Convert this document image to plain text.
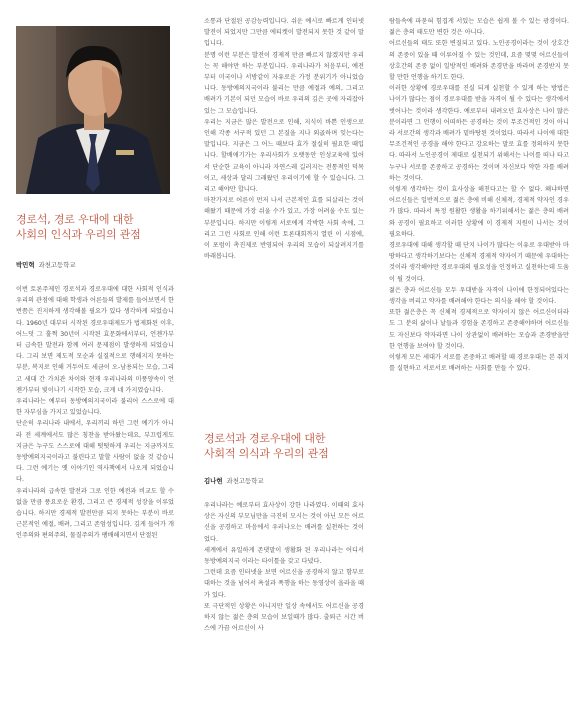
경로석, 경로 우대에 대한
사회의 인식과 우리의 관점
박민혁 과천고등학교

이번 토론주제인 경로석과 경로우대에 대한 사회적 인식과 우리의 관점에 대해 학생과 어른들의 발제를 들어보면서 한 번쯤은 진지하게 생각해볼 필요가 있다 생각하게 되었습니다. 1960년 대부터 시작된 경로우대제도가 법제화된 이후, 어느덧 그 훌쩍 30년이 시작된 효문화에서부터, 언젠가부터 급속한 발전과 함께 여러 문제점이 발생하게 되었습니다. 그리 보면 제도적 모순과 실질적으로 행해지지 못하는 부분, 복지로 인해 거두어도 세금이 오-남용되는 모습, 그리고 세대 간 가치관 차이와 현재 우리나라의 미풍양속이 언젠가부터 빛이나기 시작한 모습, 크게 네 가지였습니다.

우리나라는 예부터 동방예의지국이라 불리어 스스로에 대한 자부심을 가지고 있었습니다.

단순히 우리나라 내에서, 우리끼리 하던 그런 예기가 아니라 전 세계에서도 많은 칭찬을 받아왔는데요, 부끄럽게도 지금은 누구도 스스로에 대해 떳떳하게 우리는 지금까지도 동방예의지국이라고 불린다고 말할 사람이 없을 것 같습니다. 그런 예기는 옛 이야기인 역사책에서 나오게 되었습니다.

우리나라의 급속한 발전과 그로 인한 예전과 비교도 할 수 없을 만큼 풍요로운 환경, 그리고 큰 경제적 성장을 이루었습니다. 하지만 경제적 발전만큼 되지 못하는 부분이 바로 근본적인 예절, 배려, 그리고 존엄성입니다. 깊게 들어가 개인주의와 편의주의, 물질주의가 팽배해지면서 단절된

소통과 단절된 공감능력입니다. 쉬운 예시로 빠르게 인터넷 발전이 되었지만 그만큼 에티켓이 발전되지 못한 것 같이 말입니다.

분명 이런 부분은 발전이 경제적 만큼 빠르지 않겠지만 우리는 꼭 해야만 하는 부분입니다. 우리나라가 처음부터, 예전부터 미국이나 서방같이 자유로운 가정 분위기가 아니었습니다. 동방예의지국이라 불리는 만큼 예절과 예의, 그리고 배려가 기본이 되던 모습이 바로 우리의 깊은 곳에 자리잡아 있는 그 모습입니다.

우리는 지금은 많은 발전으로 인해, 지식이 바쁜 인생으로 인해 각종 서구적 있던 그 본질을 지나 외곬하며 잊는다는 말입니다. 지금은 그 어느 때보다 효가 절실히 필요한 때입니다. 할배애기가는 우리사회가 오랫동안 인성교육에 있어서 단순한 교육이 아니라 자연스레 길러지는 전통적인 덕목이고, 세상과 달리 그래왔던 우리이기에 할 수 있습니다. 그리고 해야만 합니다.

마찬가지로 어른이 먼저 나서 근본적인 효를 되살리는 것이 해왔기 때문에 가장 쉬울 수가 있고, 가장 어려울 수도 있는 부분입니다. 하지만 이렇게 서로에게 각박한 사회 속에, 그리고 그런 사회로 인해 이런 토론대회까지 열린 이 시점에, 이 포럼이 촉진제로 반영되어 우리의 모습이 되살려지기를 바래봅니다.

경로석과 경로우대에 대한
사회적 의식과 우리의 관점
김나현 과천고등학교

우리나라는 예로부터 효사상이 강한 나라였다. 이때의 효사상은 자신의 부모님만을 극진히 모시는 것이 아닌 모든 어르신을 공경하고 마음에서 우러나오는 배려를 실천하는 것이었다.

세계에서 유일하게 존댓말이 생활화 된 우리나라는 어디서 동방예의지국 이라는 타이틀을 갖고 다녔다.

그런데 요즘 인터넷을 보면 어르신을 공경하지 않고 함부로 대하는 것을 넘어서 욕설과 폭행을 하는 동영상이 올라올 때가 있다.

또 극단적인 상황은 아니지만 일상 속에서도 어르신을 공경하지 않는 젊은 층의 모습이 보일때가 많다. 출퇴근 시간 버스에 가끔 어르신이 사

람들속에 파묻혀 힘겹게 서있는 모습은 쉽게 볼 수 있는 광경이다. 젊은 층의 태도만 변한 것은 아니다.

어르신들의 태도 또한 변질되고 있다. 노인공경이라는 것이 상호간의 존중이 있을 때 이루어질 수 있는 것인데, 요즘 몇몇 어르신들이 상호간의 존중 없이 일방적인 배려와 존경만을 바라며 존경받지 못할 만한 언행을 하기도 한다.

이러한 상황에 경로우대를 진실 되게 실천할 수 있게 하는 방법은 나이가 많다는 점이 경로우대를 받을 자격이 될 수 있다는 생각에서 벗어나는 것이라 생각한다. 예로부터 내려오던 효사상은 나이 많은 분이라면 그 언행이 어떠하든 공경하는 것이 무조건적인 것이 아니라 서로간의 생각과 배려가 밑바탕된 것이었다. 따라서 나이에 대한 무조건적인 공경을 해야 한다고 강요하는 말로 효를 정의하지 못한다. 따라서 노인공경이 제대로 실천되기 위해서는 나이를 떠나 타고 누구나 서로를 존중하고 공경하는 것이며 자신보다 약한 자를 배려하는 것이다.

이렇게 생각하는 것이 효사상을 해친다고는 할 수 없다. 왜냐하면 어르신들은 일반적으로 젊은 층에 비해 신체적, 경제적 약자인 경우가 많다. 따라서 특정 원활한 생활을 하기위해서는 젊은 층의 배려와 공경이 필요하고 이러한 상황에 이 경제적 지원이 나서는 것이 필요하다.

경로우대에 대해 생각할 때 단지 나이가 많다는 이유로 우대받아 마땅하다고 생각하기보다는 신체적 경제적 약자이기 때문에 우대하는 것이라 생각해야만 경로우대의 필요성을 인정하고 실천하는데 도움이 될 것이다.

젊은 층과 어르신들 모두 우대받을 자격이 나이에 한정되어있다는 생각을 버리고 약자를 배려해야 한다는 의식을 해야 할 것이다.

또한 젊은층은 꼭 신체적 경제적으로 약자이지 않은 어르신이더라도 그 분의 삶이나 날들과 경험을 존경하고 존중해야하며 어르신들도 자신보다 약자라면 나이 상관없이 배려하는 모습과 존경받을만한 언행을 보여야 할 것이다.

이렇게 모든 세대가 서로를 존중하고 배려할 때 경로우대는 본 취지를 실현하고 서로서로 배려하는 사회를 만들 수 있다.
